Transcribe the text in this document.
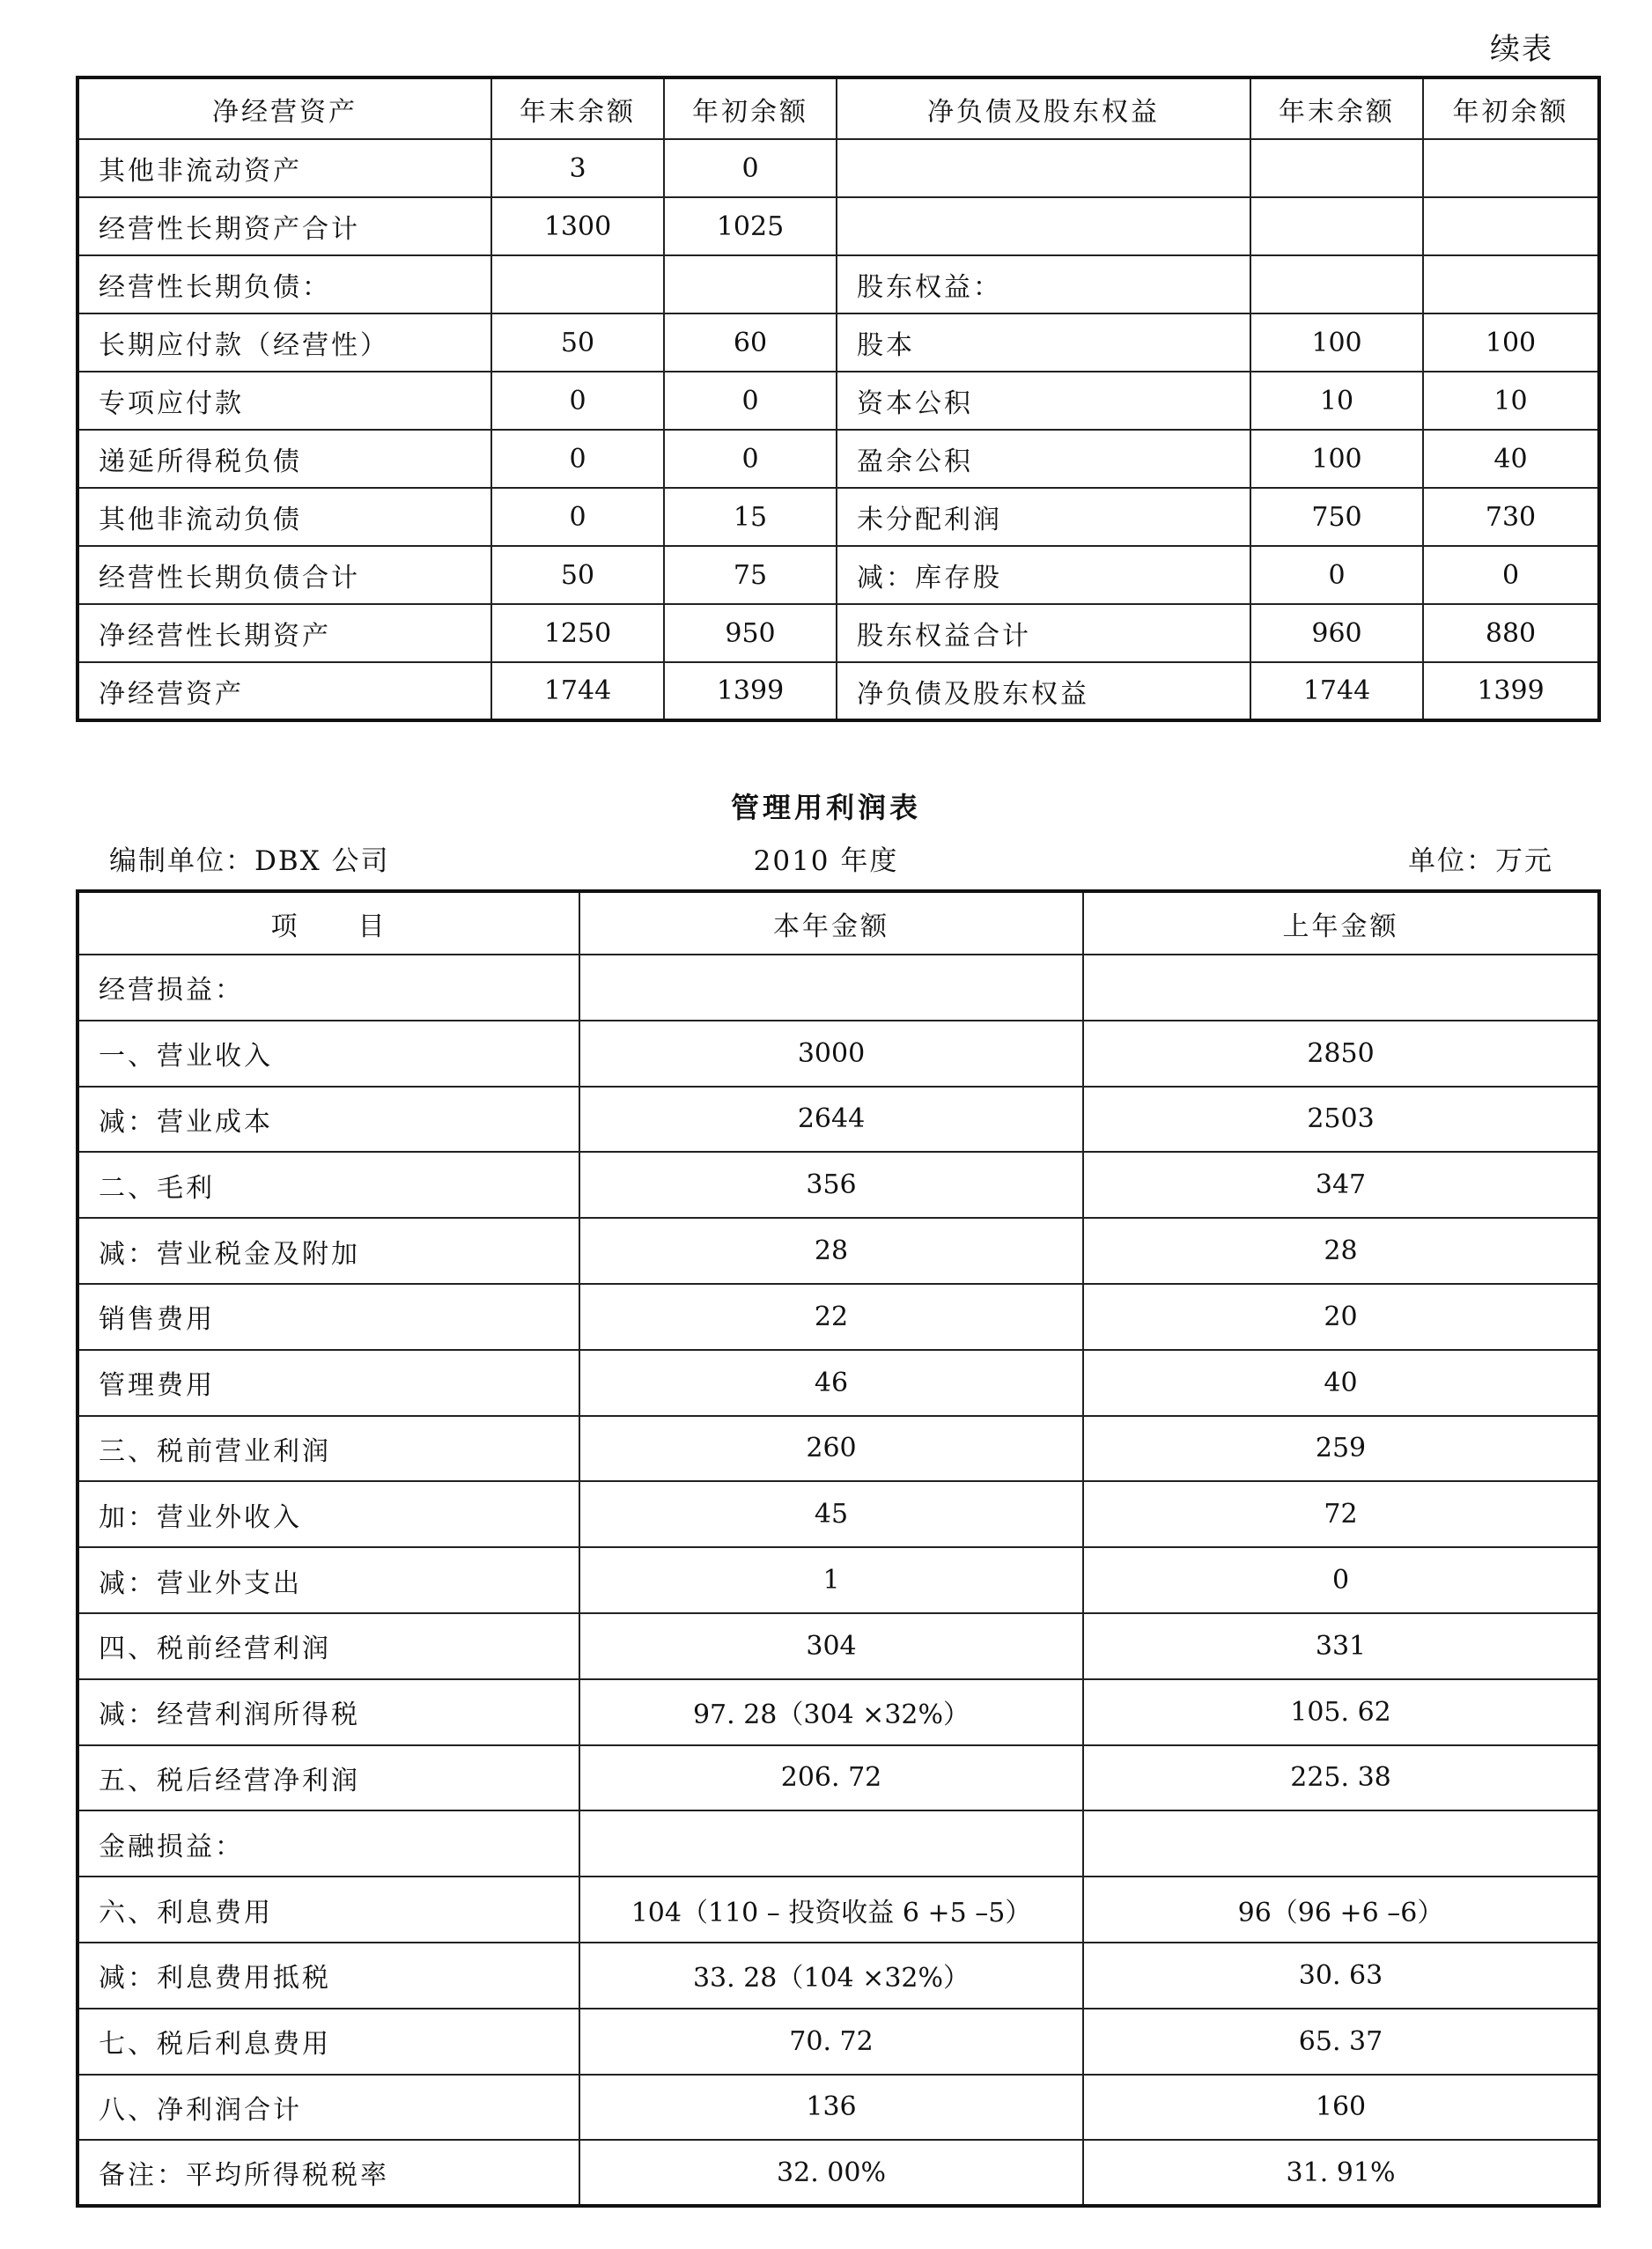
续表
净经营资产	年末余额	年初余额	净负债及股东权益	年末余额	年初余额
其他非流动资产	3	0			
经营性长期资产合计	1300	1025			
经营性长期负债：			股东权益：		
长期应付款（经营性）	50	60	股本	100	100
专项应付款	0	0	资本公积	10	10
递延所得税负债	0	0	盈余公积	100	40
其他非流动负债	0	15	未分配利润	750	730
经营性长期负债合计	50	75	减：库存股	0	0
净经营性长期资产	1250	950	股东权益合计	960	880
净经营资产	1744	1399	净负债及股东权益	1744	1399
管理用利润表
编制单位：DBX 公司	2010 年度	单位：万元
项　　目	本年金额	上年金额
经营损益：		
一、营业收入	3000	2850
减：营业成本	2644	2503
二、毛利	356	347
减：营业税金及附加	28	28
销售费用	22	20
管理费用	46	40
三、税前营业利润	260	259
加：营业外收入	45	72
减：营业外支出	1	0
四、税前经营利润	304	331
减：经营利润所得税	97. 28（304 ×32%）	105. 62
五、税后经营净利润	206. 72	225. 38
金融损益：		
六、利息费用	104（110 – 投资收益 6 +5 –5）	96（96 +6 –6）
减：利息费用抵税	33. 28（104 ×32%）	30. 63
七、税后利息费用	70. 72	65. 37
八、净利润合计	136	160
备注：平均所得税税率	32. 00%	31. 91%
